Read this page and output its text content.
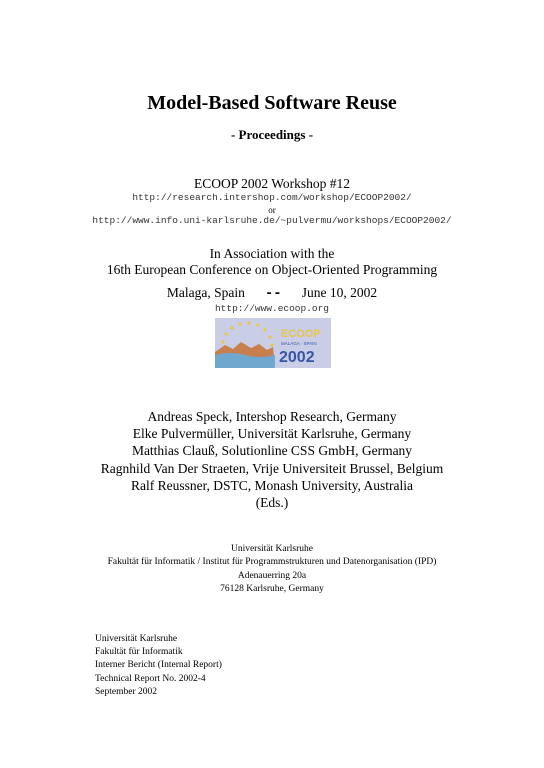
Model-Based Software Reuse
- Proceedings -
ECOOP 2002 Workshop #12
http://research.intershop.com/workshop/ECOOP2002/
or
http://www.info.uni-karlsruhe.de/~pulvermu/workshops/ECOOP2002/
In Association with the
16th European Conference on Object-Oriented Programming
Malaga, Spain -- June 10, 2002
http://www.ecoop.org
ECOOP
MALAGA · SPAIN
2002
Andreas Speck, Intershop Research, Germany
Elke Pulvermüller, Universität Karlsruhe, Germany
Matthias Clauß, Solutionline CSS GmbH, Germany
Ragnhild Van Der Straeten, Vrije Universiteit Brussel, Belgium
Ralf Reussner, DSTC, Monash University, Australia
(Eds.)
Universität Karlsruhe
Fakultät für Informatik / Institut für Programmstrukturen und Datenorganisation (IPD)
Adenauerring 20a
76128 Karlsruhe, Germany
Universität Karlsruhe
Fakultät für Informatik
Interner Bericht (Internal Report)
Technical Report No. 2002-4
September 2002
